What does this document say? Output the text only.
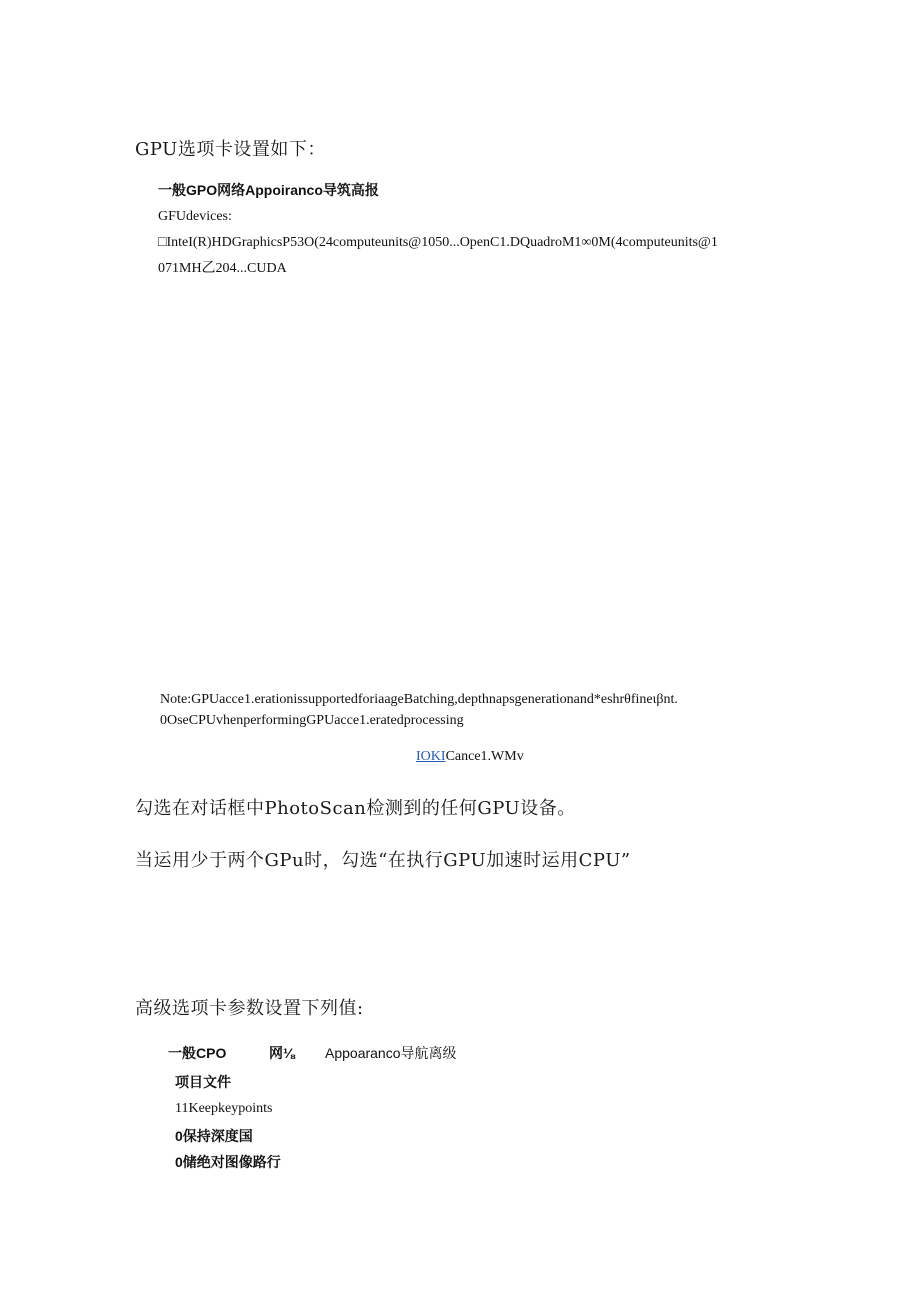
GPU选项卡设置如下：
一般GPO网络Appoiranco导筑高报
GFUdevices:
□InteI(R)HDGraphicsP53O(24computeunits@1050...OpenC1.DQuadroM1∞0M(4computeunits@1
071MH乙204...CUDA
Note:GPUacce1.erationissupportedforiaageBatching,depthnapsgenerationand*eshrθfineιβnt.
0OseCPUvhenperformingGPUacce1.eratedprocessing
IOKICance1.WMv
勾选在对话框中PhotoScan检测到的任何GPU设备。
当运用少于两个GPu时，勾选“在执行GPU加速时运用CPU”
高级选项卡参数设置下列值:
一般CPO	网⅛ Appoaranco导航离级
项目文件
11Keepkeypoints
0保持深度国
0储绝对图像路行
